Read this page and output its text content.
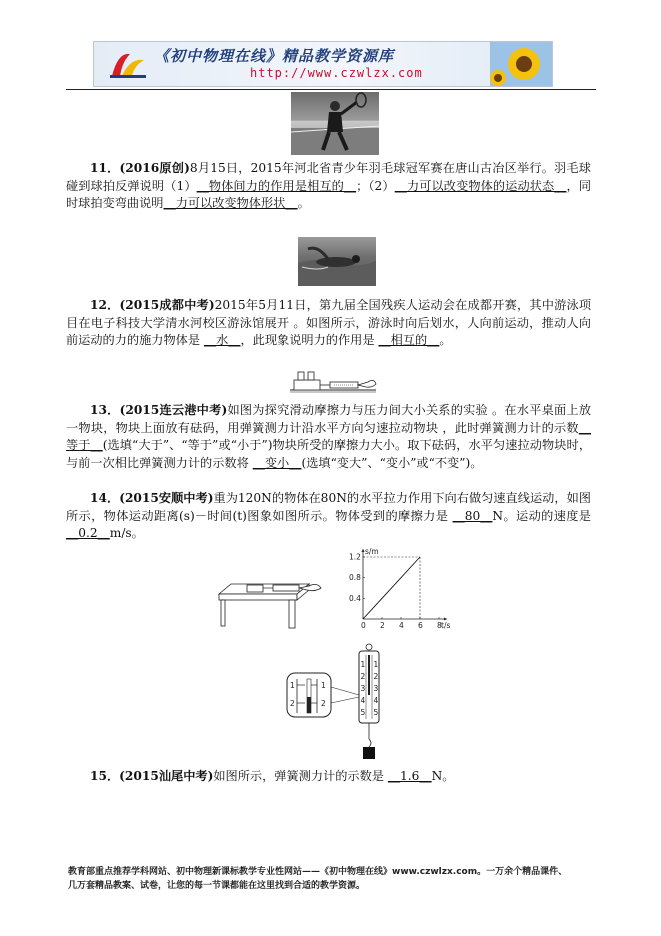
《初中物理在线》精品教学资源库
http://www.czwlzx.com
11．(2016原创)8月15日，2015年河北省青少年羽毛球冠军赛在唐山古冶区举行。羽毛球碰到球拍反弹说明（1）__物体间力的作用是相互的__；（2）__力可以改变物体的运动状态__，同时球拍变弯曲说明__力可以改变物体形状__。
12．(2015成都中考)2015年5月11日，第九届全国残疾人运动会在成都开赛，其中游泳项目在电子科技大学清水河校区游泳馆展开 。如图所示，游泳时向后划水，人向前运动，推动人向前运动的力的施力物体是 __水__，此现象说明力的作用是 __相互的__。
13．(2015连云港中考)如图为探究滑动摩擦力与压力间大小关系的实验 。在水平桌面上放一物块，物块上面放有砝码，用弹簧测力计沿水平方向匀速拉动物块 ，此时弹簧测力计的示数__等于__(选填“大于”、“等于”或“小于”)物块所受的摩擦力大小。取下砝码，水平匀速拉动物块时，与前一次相比弹簧测力计的示数将 __变小__(选填“变大”、“变小”或“不变”)。
14．(2015安顺中考)重为120N的物体在80N的水平拉力作用下向右做匀速直线运动，如图所示，物体运动距离(s)－时间(t)图象如图所示。物体受到的摩擦力是 __80__N。运动的速度是__0.2__m/s。
s/m
t/s
1.2
0.8
0.4
0 2 4 6 8
1
2
1
2
1
2
3
4
5
1
2
3
4
5
15．(2015汕尾中考)如图所示，弹簧测力计的示数是 __1.6__N。
教育部重点推荐学科网站、初中物理新课标教学专业性网站——《初中物理在线》www.czwlzx.com。一万余个精品课件、
几万套精品教案、试卷，让您的每一节课都能在这里找到合适的教学资源。
